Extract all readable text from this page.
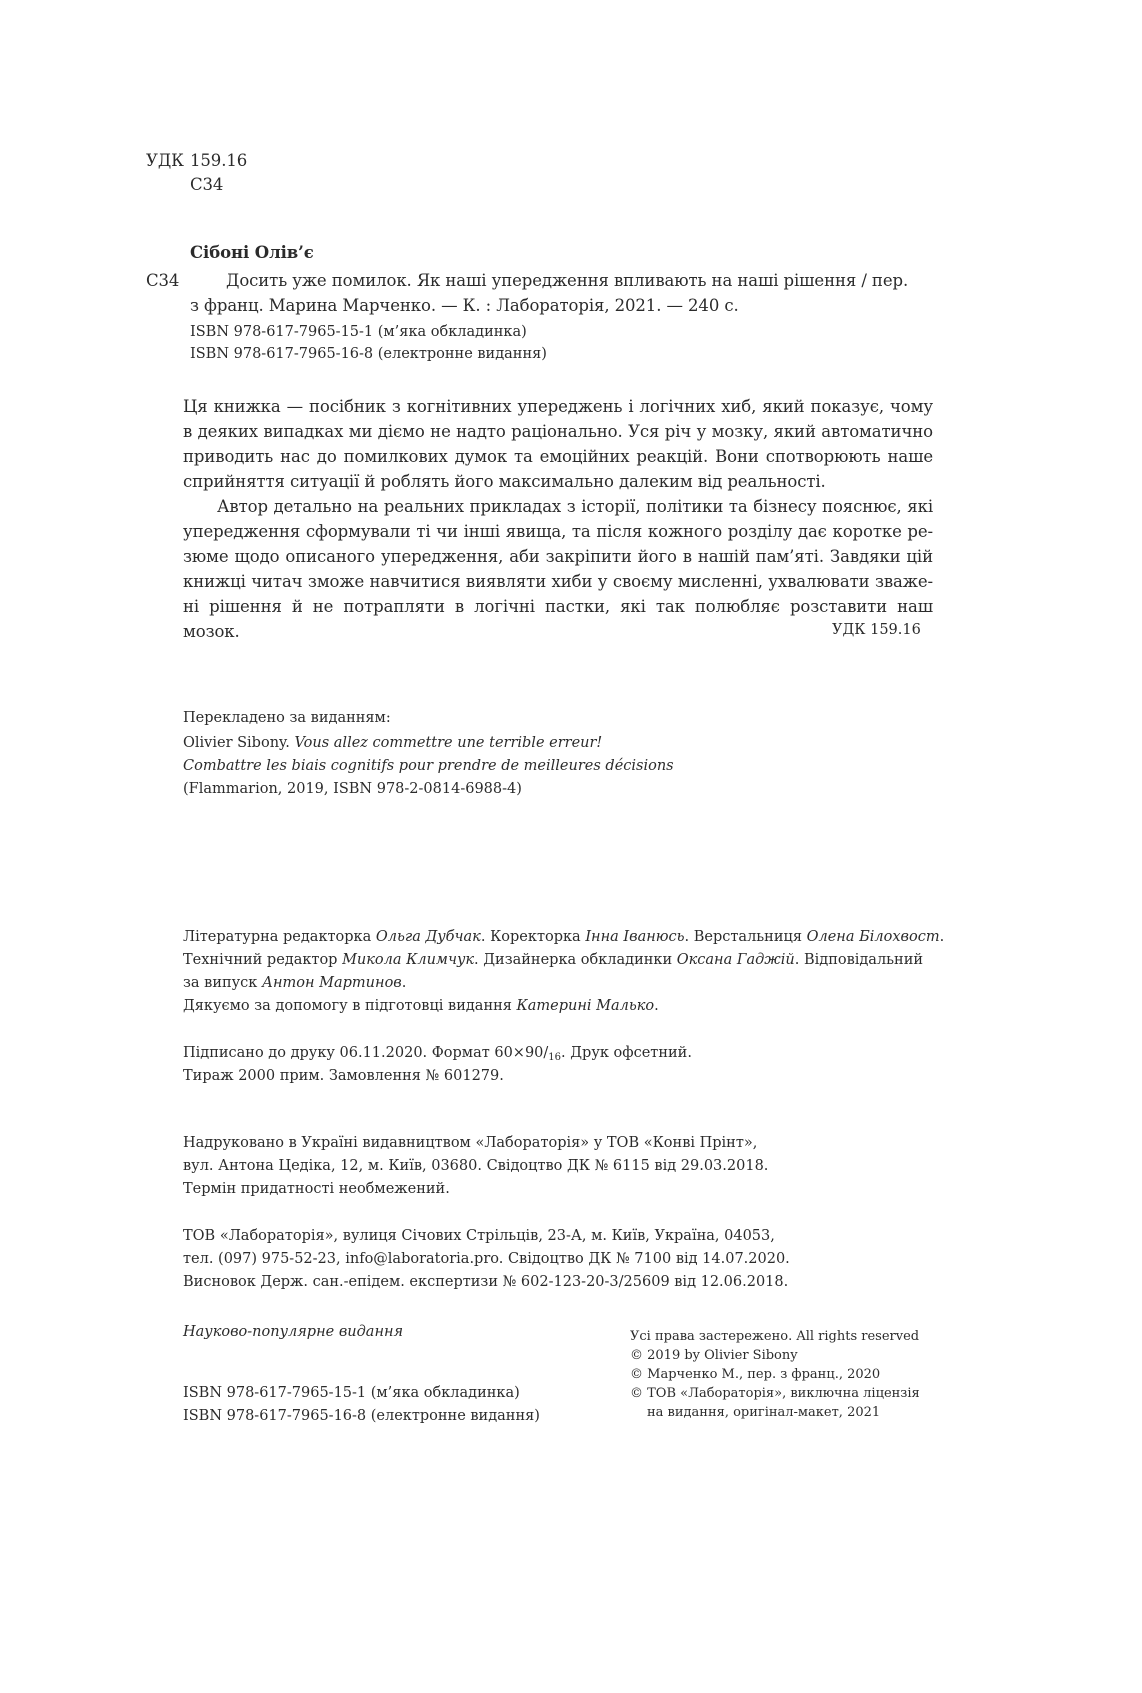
УДК 159.16
С34
Сібоні Олів’є
С34	Досить уже помилок. Як наші упередження впливають на наші рішення / пер.
з франц. Марина Марченко. — К. : Лабораторія, 2021. — 240 с.
ISBN 978-617-7965-15-1 (м’яка обкладинка)
ISBN 978-617-7965-16-8 (електронне видання)
Ця книжка — посібник з когнітивних упереджень і логічних хиб, який показує, чому
в деяких випадках ми діємо не надто раціонально. Уся річ у мозку, який автоматично
приводить нас до помилкових думок та емоційних реакцій. Вони спотворюють наше
сприйняття ситуації й роблять його максимально далеким від реальності.
Автор детально на реальних прикладах з історії, політики та бізнесу пояснює, які
упередження сформували ті чи інші явища, та після кожного розділу дає коротке ре-
зюме щодо описаного упередження, аби закріпити його в нашій пам’яті. Завдяки цій
книжці читач зможе навчитися виявляти хиби у своєму мисленні, ухвалювати зваже-
ні рішення й не потрапляти в логічні пастки, які так полюбляє розставити наш мозок.	УДК 159.16
Перекладено за виданням:
Olivier Sibony. Vous allez commettre une terrible erreur!
Combattre les biais cognitifs pour prendre de meilleures décisions
(Flammarion, 2019, ISBN 978-2-0814-6988-4)
Літературна редакторка Ольга Дубчак. Коректорка Інна Іванюсь. Верстальниця Олена Білохвост.
Технічний редактор Микола Климчук. Дизайнерка обкладинки Оксана Гаджій. Відповідальний
за випуск Антон Мартинов.
Дякуємо за допомогу в підготовці видання Катерині Малько.
Підписано до друку 06.11.2020. Формат $60\times 90/_{16}$. Друк офсетний.
Тираж 2000 прим. Замовлення № 601279.
Надруковано в Україні видавництвом «Лабораторія» у ТОВ «Конві Прінт»,
вул. Антона Цедіка, 12, м. Київ, 03680. Свідоцтво ДК № 6115 від 29.03.2018.
Термін придатності необмежений.
ТОВ «Лабораторія», вулиця Січових Стрільців, 23-А, м. Київ, Україна, 04053,
тел. (097) 975-52-23, info@laboratoria.pro. Свідоцтво ДК № 7100 від 14.07.2020.
Висновок Держ. сан.-епідем. експертизи № 602-123-20-3/25609 від 12.06.2018.
Науково-популярне видання
ISBN 978-617-7965-15-1 (м’яка обкладинка)
ISBN 978-617-7965-16-8 (електронне видання)
Усі права застережено. All rights reserved
© 2019 by Olivier Sibony
© Марченко М., пер. з франц., 2020
© ТОВ «Лабораторія», виключна ліцензія
на видання, оригінал-макет, 2021
